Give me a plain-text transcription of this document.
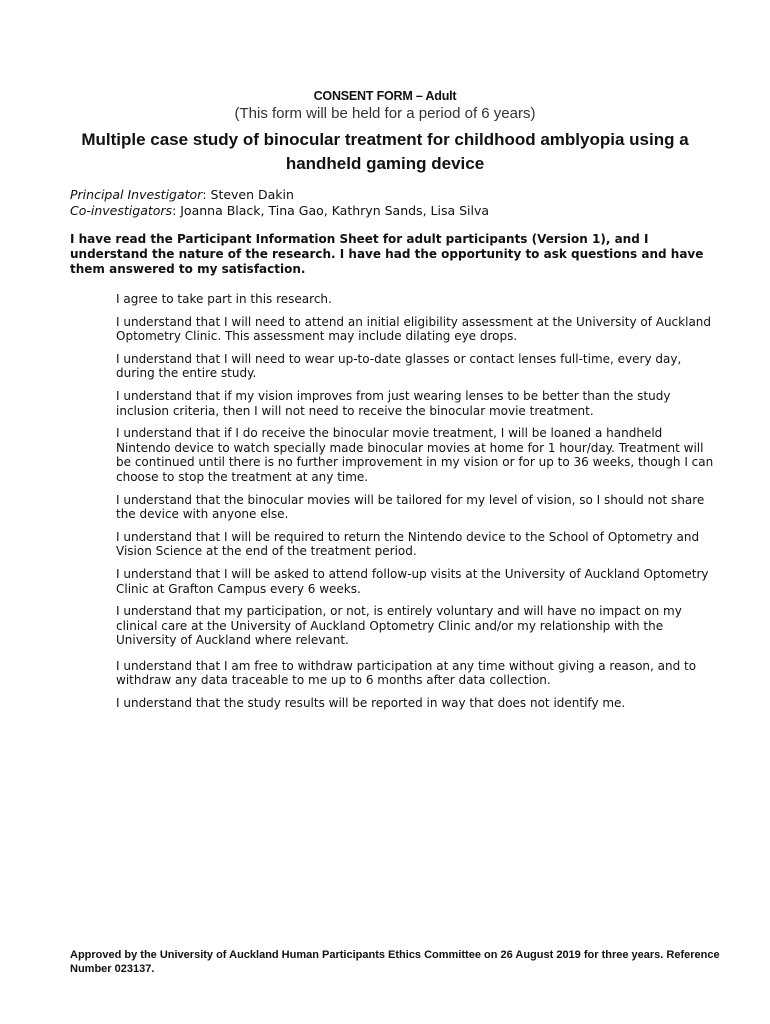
CONSENT FORM – Adult
(This form will be held for a period of 6 years)
Multiple case study of binocular treatment for childhood amblyopia using a handheld gaming device
Principal Investigator: Steven Dakin
Co-investigators: Joanna Black, Tina Gao, Kathryn Sands, Lisa Silva
I have read the Participant Information Sheet for adult participants (Version 1), and I understand the nature of the research. I have had the opportunity to ask questions and have them answered to my satisfaction.
I agree to take part in this research.
I understand that I will need to attend an initial eligibility assessment at the University of Auckland Optometry Clinic. This assessment may include dilating eye drops.
I understand that I will need to wear up-to-date glasses or contact lenses full-time, every day, during the entire study.
I understand that if my vision improves from just wearing lenses to be better than the study inclusion criteria, then I will not need to receive the binocular movie treatment.
I understand that if I do receive the binocular movie treatment, I will be loaned a handheld Nintendo device to watch specially made binocular movies at home for 1 hour/day. Treatment will be continued until there is no further improvement in my vision or for up to 36 weeks, though I can choose to stop the treatment at any time.
I understand that the binocular movies will be tailored for my level of vision, so I should not share the device with anyone else.
I understand that I will be required to return the Nintendo device to the School of Optometry and Vision Science at the end of the treatment period.
I understand that I will be asked to attend follow-up visits at the University of Auckland Optometry Clinic at Grafton Campus every 6 weeks.
I understand that my participation, or not, is entirely voluntary and will have no impact on my clinical care at the University of Auckland Optometry Clinic and/or my relationship with the University of Auckland where relevant.
I understand that I am free to withdraw participation at any time without giving a reason, and to withdraw any data traceable to me up to 6 months after data collection.
I understand that the study results will be reported in way that does not identify me.
Approved by the University of Auckland Human Participants Ethics Committee on 26 August 2019 for three years. Reference Number 023137.
